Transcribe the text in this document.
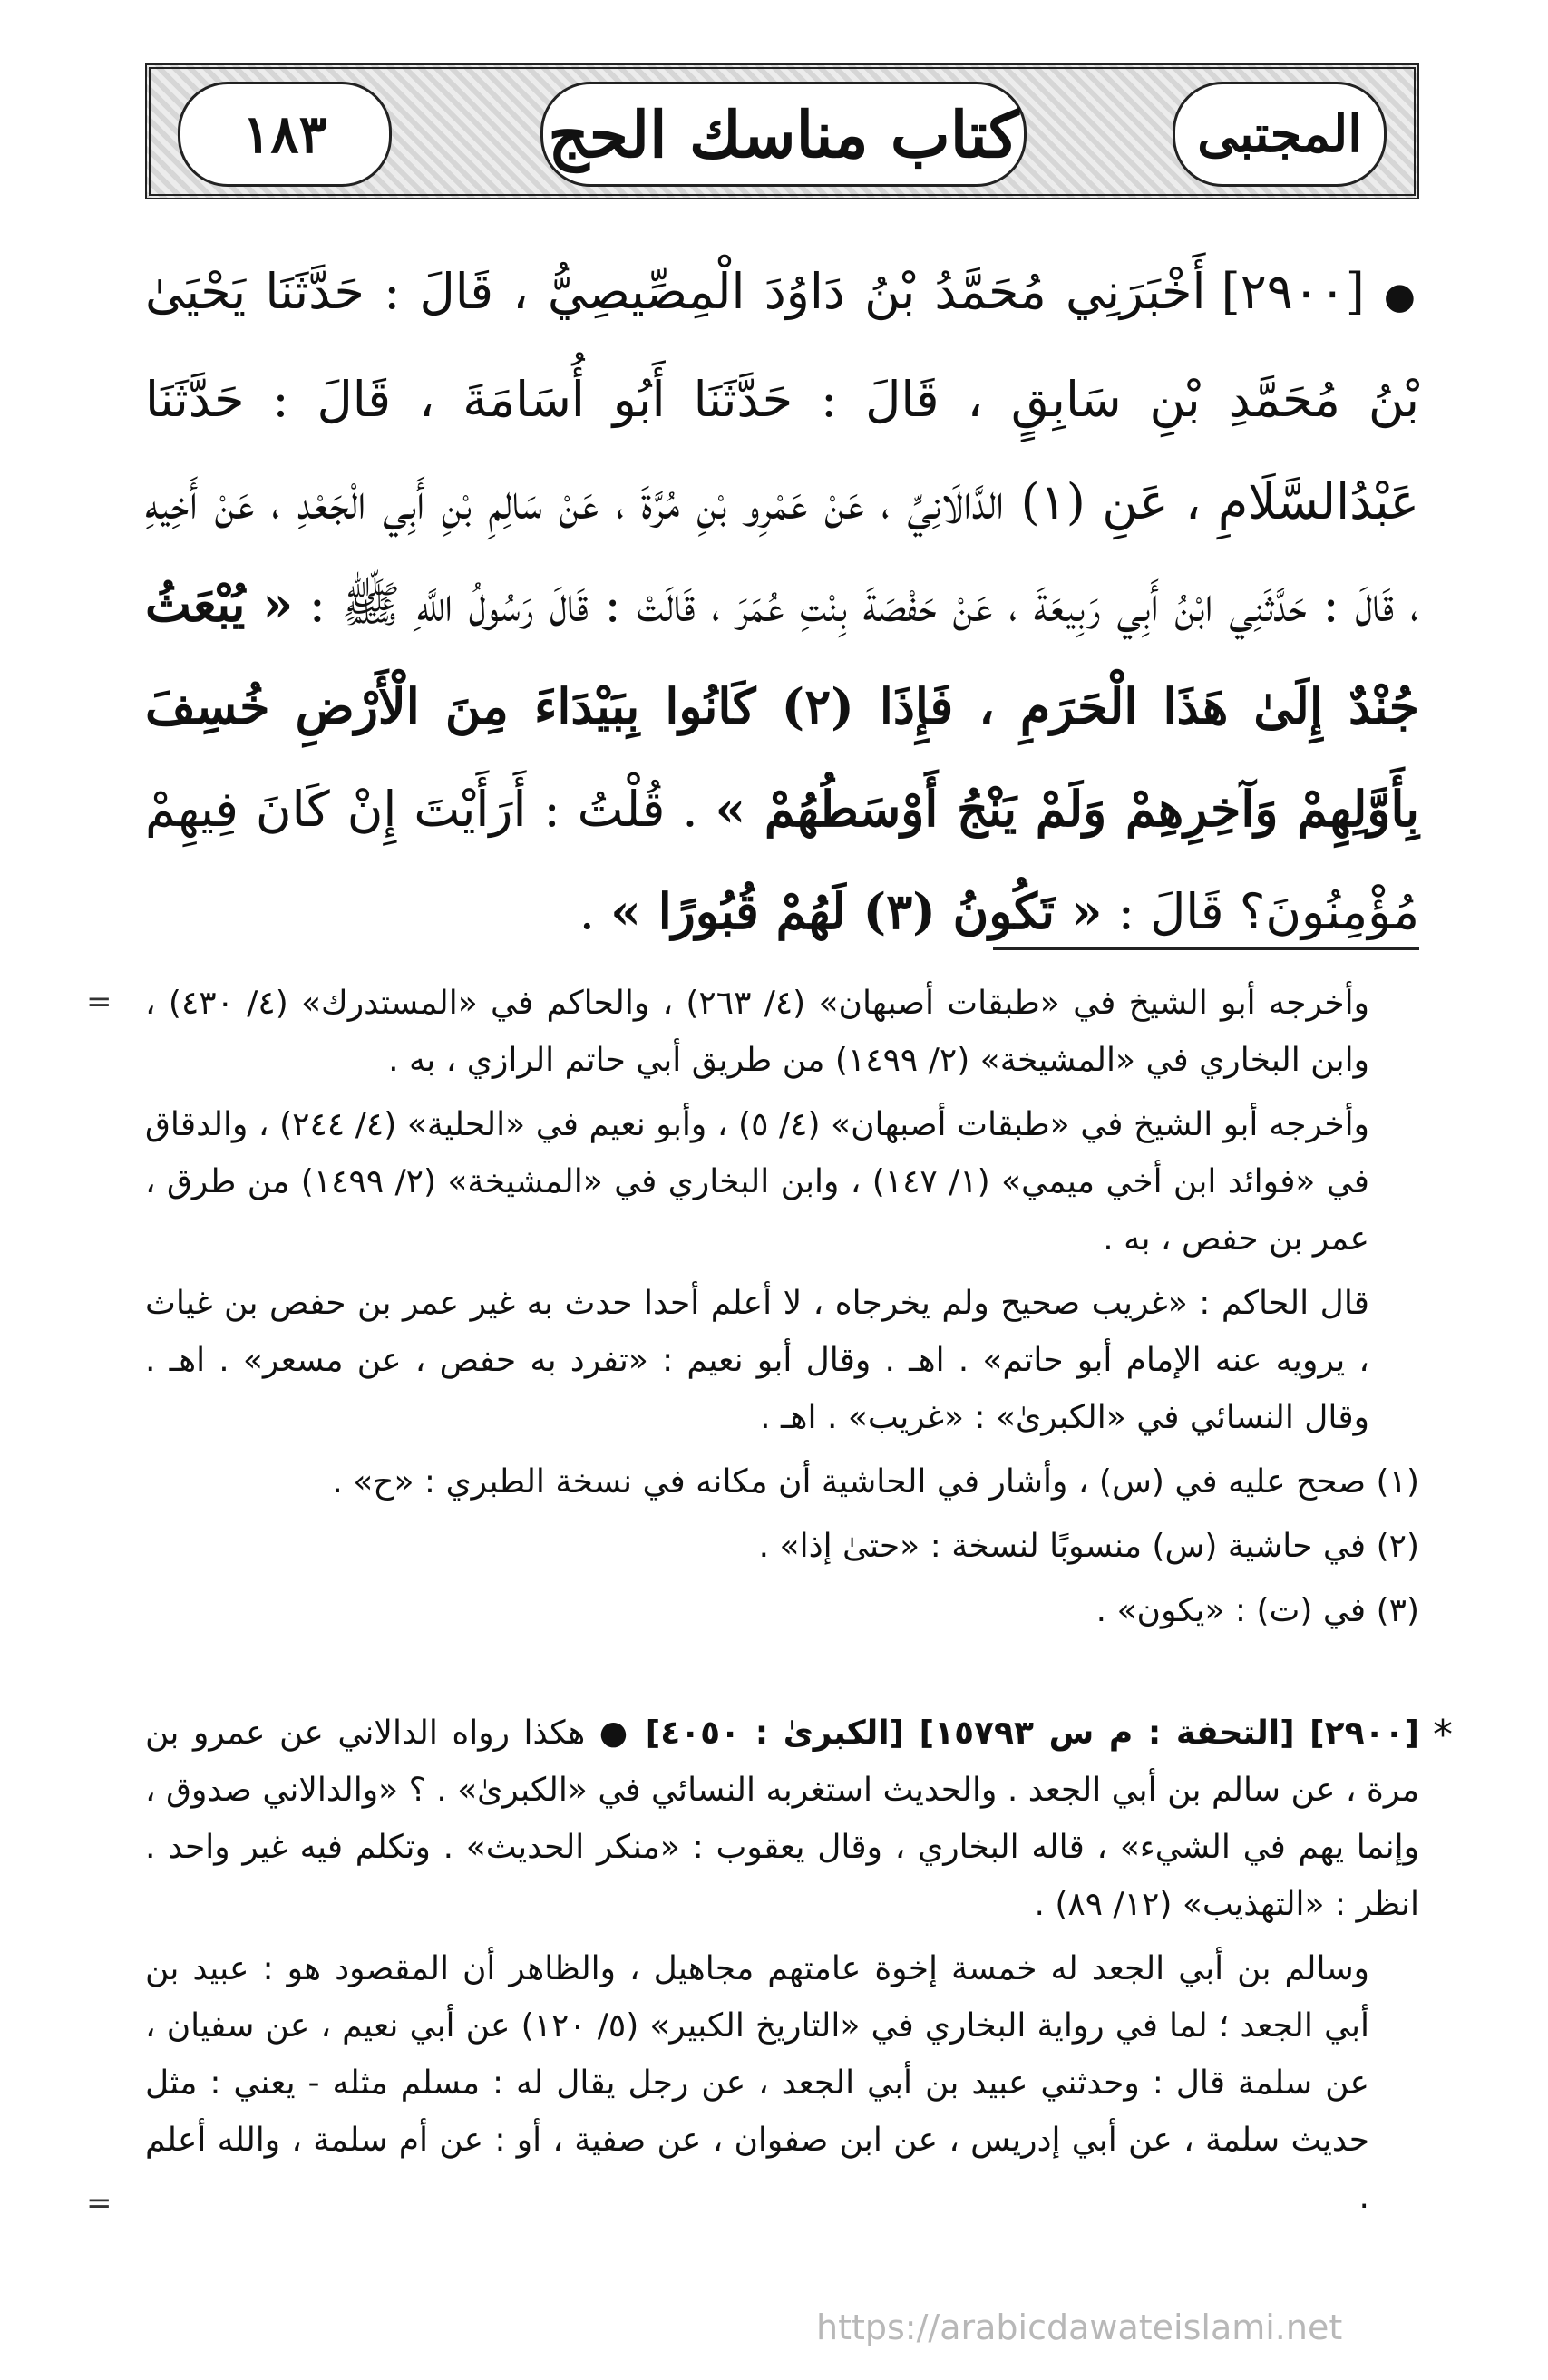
١٨٣	كتاب مناسك الحج	المجتبى
● [٢٩٠٠] أَخْبَرَنِي مُحَمَّدُ بْنُ دَاوُدَ الْمِصِّيصِيُّ ، قَالَ : حَدَّثَنَا يَحْيَىٰ بْنُ مُحَمَّدِ بْنِ سَابِقٍ ، قَالَ : حَدَّثَنَا أَبُو أُسَامَةَ ، قَالَ : حَدَّثَنَا عَبْدُالسَّلَامِ ، عَنِ (١) الدَّالَانِيِّ ، عَنْ عَمْرِو بْنِ مُرَّةَ ، عَنْ سَالِمِ بْنِ أَبِي الْجَعْدِ ، عَنْ أَخِيهِ ، قَالَ : حَدَّثَنِي ابْنُ أَبِي رَبِيعَةَ ، عَنْ حَفْصَةَ بِنْتِ عُمَرَ ، قَالَتْ : قَالَ رَسُولُ اللَّهِ ﷺ : « يُبْعَثُ جُنْدٌ إِلَىٰ هَذَا الْحَرَمِ ، فَإِذَا (٢) كَانُوا بِبَيْدَاءَ مِنَ الْأَرْضِ خُسِفَ بِأَوَّلِهِمْ وَآخِرِهِمْ وَلَمْ يَنْجُ أَوْسَطُهُمْ » . قُلْتُ : أَرَأَيْتَ إِنْ كَانَ فِيهِمْ مُؤْمِنُونَ؟ قَالَ : « تَكُونُ (٣) لَهُمْ قُبُورًا » .
= وأخرجه أبو الشيخ في «طبقات أصبهان» (٤/ ٢٦٣) ، والحاكم في «المستدرك» (٤/ ٤٣٠) ، وابن البخاري في «المشيخة» (٢/ ١٤٩٩) من طريق أبي حاتم الرازي ، به .

وأخرجه أبو الشيخ في «طبقات أصبهان» (٤/ ٥) ، وأبو نعيم في «الحلية» (٤/ ٢٤٤) ، والدقاق في «فوائد ابن أخي ميمي» (١/ ١٤٧) ، وابن البخاري في «المشيخة» (٢/ ١٤٩٩) من طرق ، عمر بن حفص ، به .

قال الحاكم : «غريب صحيح ولم يخرجاه ، لا أعلم أحدا حدث به غير عمر بن حفص بن غياث ، يرويه عنه الإمام أبو حاتم» . اهـ . وقال أبو نعيم : «تفرد به حفص ، عن مسعر» . اهـ . وقال النسائي في «الكبرىٰ» : «غريب» . اهـ .

(١) صحح عليه في (س) ، وأشار في الحاشية أن مكانه في نسخة الطبري : «ح» .

(٢) في حاشية (س) منسوبًا لنسخة : «حتىٰ إذا» .

(٣) في (ت) : «يكون» .

*

[٢٩٠٠] [التحفة : م س ١٥٧٩٣] [الكبرىٰ : ٤٠٥٠] ● هكذا رواه الدالاني عن عمرو بن مرة ، عن سالم بن أبي الجعد . والحديث استغربه النسائي في «الكبرىٰ» . ؟ «والدالاني صدوق ، وإنما يهم في الشيء» ، قاله البخاري ، وقال يعقوب : «منكر الحديث» . وتكلم فيه غير واحد . انظر : «التهذيب» (١٢/ ٨٩) .

وسالم بن أبي الجعد له خمسة إخوة عامتهم مجاهيل ، والظاهر أن المقصود هو : عبيد بن أبي الجعد ؛ لما في رواية البخاري في «التاريخ الكبير» (٥/ ١٢٠) عن أبي نعيم ، عن سفيان ، عن سلمة قال : وحدثني عبيد بن أبي الجعد ، عن رجل يقال له : مسلم مثله - يعني : مثل حديث سلمة ، عن أبي إدريس ، عن ابن صفوان ، عن صفية ، أو : عن أم سلمة ، والله أعلم .

=
https://arabicdawateislami.net
